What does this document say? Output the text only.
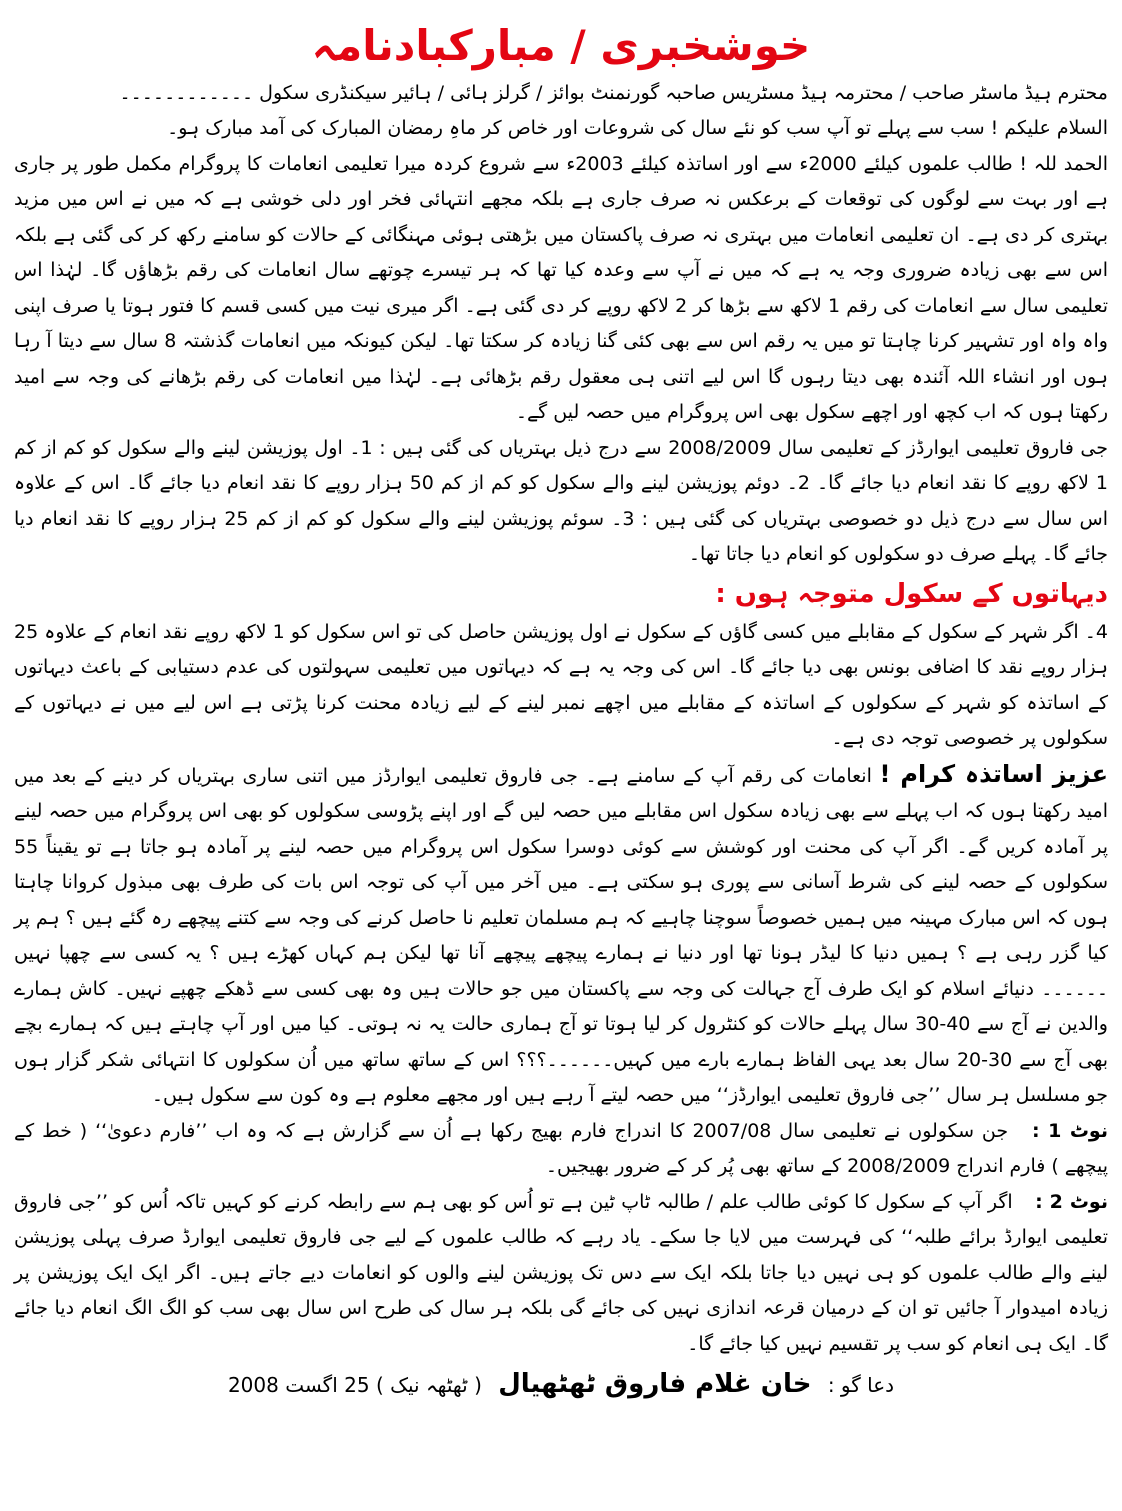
خوشخبری / مبارکبادنامہ

محترم ہیڈ ماسٹر صاحب / محترمہ ہیڈ مسٹریس صاحبہ گورنمنٹ بوائز / گرلز ہائی / ہائیر سیکنڈری سکول ۔۔۔۔۔۔۔۔۔۔۔۔

السلام علیکم ! سب سے پہلے تو آپ سب کو نئے سال کی شروعات اور خاص کر ماہِ رمضان المبارک کی آمد مبارک ہو۔

الحمد للہ ! طالب علموں کیلئے 2000ء سے اور اساتذہ کیلئے 2003ء سے شروع کردہ میرا تعلیمی انعامات کا پروگرام مکمل طور پر جاری ہے اور بہت سے لوگوں کی توقعات کے برعکس نہ صرف جاری ہے بلکہ مجھے انتہائی فخر اور دلی خوشی ہے کہ میں نے اس میں مزید بہتری کر دی ہے۔ ان تعلیمی انعامات میں بہتری نہ صرف پاکستان میں بڑھتی ہوئی مہنگائی کے حالات کو سامنے رکھ کر کی گئی ہے بلکہ اس سے بھی زیادہ ضروری وجہ یہ ہے کہ میں نے آپ سے وعدہ کیا تھا کہ ہر تیسرے چوتھے سال انعامات کی رقم بڑھاؤں گا۔ لہٰذا اس تعلیمی سال سے انعامات کی رقم 1 لاکھ سے بڑھا کر 2 لاکھ روپے کر دی گئی ہے۔ اگر میری نیت میں کسی قسم کا فتور ہوتا یا صرف اپنی واہ واہ اور تشہیر کرنا چاہتا تو میں یہ رقم اس سے بھی کئی گنا زیادہ کر سکتا تھا۔ لیکن کیونکہ میں انعامات گذشتہ 8 سال سے دیتا آ رہا ہوں اور انشاء اللہ آئندہ بھی دیتا رہوں گا اس لیے اتنی ہی معقول رقم بڑھائی ہے۔ لہٰذا میں انعامات کی رقم بڑھانے کی وجہ سے امید رکھتا ہوں کہ اب کچھ اور اچھے سکول بھی اس پروگرام میں حصہ لیں گے۔

جی فاروق تعلیمی ایوارڈز کے تعلیمی سال 2008/2009 سے درج ذیل بہتریاں کی گئی ہیں : 1۔ اول پوزیشن لینے والے سکول کو کم از کم 1 لاکھ روپے کا نقد انعام دیا جائے گا۔ 2۔ دوئم پوزیشن لینے والے سکول کو کم از کم 50 ہزار روپے کا نقد انعام دیا جائے گا۔ اس کے علاوہ اس سال سے درج ذیل دو خصوصی بہتریاں کی گئی ہیں : 3۔ سوئم پوزیشن لینے والے سکول کو کم از کم 25 ہزار روپے کا نقد انعام دیا جائے گا۔ پہلے صرف دو سکولوں کو انعام دیا جاتا تھا۔

دیہاتوں کے سکول متوجہ ہوں :

4۔ اگر شہر کے سکول کے مقابلے میں کسی گاؤں کے سکول نے اول پوزیشن حاصل کی تو اس سکول کو 1 لاکھ روپے نقد انعام کے علاوہ 25 ہزار روپے نقد کا اضافی بونس بھی دیا جائے گا۔ اس کی وجہ یہ ہے کہ دیہاتوں میں تعلیمی سہولتوں کی عدم دستیابی کے باعث دیہاتوں کے اساتذہ کو شہر کے سکولوں کے اساتذہ کے مقابلے میں اچھے نمبر لینے کے لیے زیادہ محنت کرنا پڑتی ہے اس لیے میں نے دیہاتوں کے سکولوں پر خصوصی توجہ دی ہے۔

عزیز اساتذہ کرام ! انعامات کی رقم آپ کے سامنے ہے۔ جی فاروق تعلیمی ایوارڈز میں اتنی ساری بہتریاں کر دینے کے بعد میں امید رکھتا ہوں کہ اب پہلے سے بھی زیادہ سکول اس مقابلے میں حصہ لیں گے اور اپنے پڑوسی سکولوں کو بھی اس پروگرام میں حصہ لینے پر آمادہ کریں گے۔ اگر آپ کی محنت اور کوشش سے کوئی دوسرا سکول اس پروگرام میں حصہ لینے پر آمادہ ہو جاتا ہے تو یقیناً 55 سکولوں کے حصہ لینے کی شرط آسانی سے پوری ہو سکتی ہے۔ میں آخر میں آپ کی توجہ اس بات کی طرف بھی مبذول کروانا چاہتا ہوں کہ اس مبارک مہینہ میں ہمیں خصوصاً سوچنا چاہیے کہ ہم مسلمان تعلیم نا حاصل کرنے کی وجہ سے کتنے پیچھے رہ گئے ہیں ؟ ہم پر کیا گزر رہی ہے ؟ ہمیں دنیا کا لیڈر ہونا تھا اور دنیا نے ہمارے پیچھے پیچھے آنا تھا لیکن ہم کہاں کھڑے ہیں ؟ یہ کسی سے چھپا نہیں ۔۔۔۔۔۔ دنیائے اسلام کو ایک طرف آج جہالت کی وجہ سے پاکستان میں جو حالات ہیں وہ بھی کسی سے ڈھکے چھپے نہیں۔ کاش ہمارے والدین نے آج سے 40-30 سال پہلے حالات کو کنٹرول کر لیا ہوتا تو آج ہماری حالت یہ نہ ہوتی۔ کیا میں اور آپ چاہتے ہیں کہ ہمارے بچے بھی آج سے 30-20 سال بعد یہی الفاظ ہمارے بارے میں کہیں۔۔۔۔۔۔؟؟؟ اس کے ساتھ ساتھ میں اُن سکولوں کا انتہائی شکر گزار ہوں جو مسلسل ہر سال ’’جی فاروق تعلیمی ایوارڈز‘‘ میں حصہ لیتے آ رہے ہیں اور مجھے معلوم ہے وہ کون سے سکول ہیں۔

نوٹ 1 : جن سکولوں نے تعلیمی سال 2007/08 کا اندراج فارم بھیج رکھا ہے اُن سے گزارش ہے کہ وہ اب ’’فارم دعویٰ‘‘ ( خط کے پیچھے ) فارم اندراج 2008/2009 کے ساتھ بھی پُر کر کے ضرور بھیجیں۔

نوٹ 2 : اگر آپ کے سکول کا کوئی طالب علم / طالبہ ٹاپ ٹین ہے تو اُس کو بھی ہم سے رابطہ کرنے کو کہیں تاکہ اُس کو ’’جی فاروق تعلیمی ایوارڈ برائے طلبہ‘‘ کی فہرست میں لایا جا سکے۔ یاد رہے کہ طالب علموں کے لیے جی فاروق تعلیمی ایوارڈ صرف پہلی پوزیشن لینے والے طالب علموں کو ہی نہیں دیا جاتا بلکہ ایک سے دس تک پوزیشن لینے والوں کو انعامات دیے جاتے ہیں۔ اگر ایک ایک پوزیشن پر زیادہ امیدوار آ جائیں تو ان کے درمیان قرعہ اندازی نہیں کی جائے گی بلکہ ہر سال کی طرح اس سال بھی سب کو الگ الگ انعام دیا جائے گا۔ ایک ہی انعام کو سب پر تقسیم نہیں کیا جائے گا۔

دعا گو : خان غلام فاروق ٹھٹھیال ( ٹھٹھہ نیک ) 25 اگست 2008
